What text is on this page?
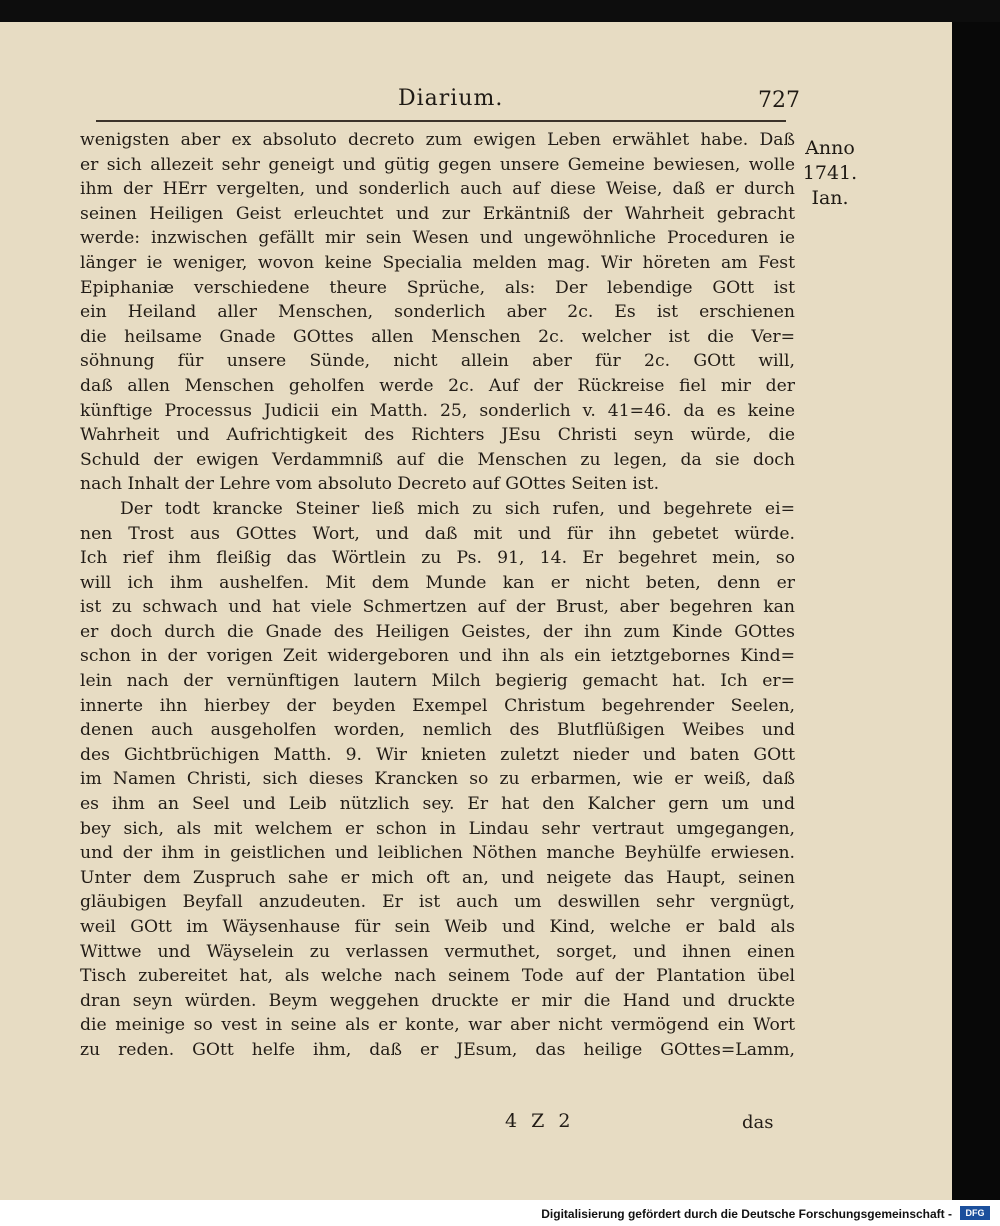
Diarium.	727
Anno
1741.
Ian.
wenigsten aber ex absoluto decreto zum ewigen Leben erwählet habe. Daß
er sich allezeit sehr geneigt und gütig gegen unsere Gemeine bewiesen, wolle
ihm der HErr vergelten, und sonderlich auch auf diese Weise, daß er durch
seinen Heiligen Geist erleuchtet und zur Erkäntniß der Wahrheit gebracht
werde: inzwischen gefällt mir sein Wesen und ungewöhnliche Proceduren ie
länger ie weniger, wovon keine Specialia melden mag. Wir höreten am Fest
Epiphaniæ verschiedene theure Sprüche, als: Der lebendige GOtt ist
ein Heiland aller Menschen, sonderlich aber 2c. Es ist erschienen
die heilsame Gnade GOttes allen Menschen 2c. welcher ist die Ver=
söhnung für unsere Sünde, nicht allein aber für 2c. GOtt will,
daß allen Menschen geholfen werde 2c. Auf der Rückreise fiel mir der
künftige Processus Judicii ein Matth. 25, sonderlich v. 41=46. da es keine
Wahrheit und Aufrichtigkeit des Richters JEsu Christi seyn würde, die
Schuld der ewigen Verdammniß auf die Menschen zu legen, da sie doch
nach Inhalt der Lehre vom absoluto Decreto auf GOttes Seiten ist.
Der todt krancke Steiner ließ mich zu sich rufen, und begehrete ei=
nen Trost aus GOttes Wort, und daß mit und für ihn gebetet würde.
Ich rief ihm fleißig das Wörtlein zu Ps. 91, 14. Er begehret mein, so
will ich ihm aushelfen. Mit dem Munde kan er nicht beten, denn er
ist zu schwach und hat viele Schmertzen auf der Brust, aber begehren kan
er doch durch die Gnade des Heiligen Geistes, der ihn zum Kinde GOttes
schon in der vorigen Zeit widergeboren und ihn als ein ietztgebornes Kind=
lein nach der vernünftigen lautern Milch begierig gemacht hat. Ich er=
innerte ihn hierbey der beyden Exempel Christum begehrender Seelen,
denen auch ausgeholfen worden, nemlich des Blutflüßigen Weibes und
des Gichtbrüchigen Matth. 9. Wir knieten zuletzt nieder und baten GOtt
im Namen Christi, sich dieses Krancken so zu erbarmen, wie er weiß, daß
es ihm an Seel und Leib nützlich sey. Er hat den Kalcher gern um und
bey sich, als mit welchem er schon in Lindau sehr vertraut umgegangen,
und der ihm in geistlichen und leiblichen Nöthen manche Beyhülfe erwiesen.
Unter dem Zuspruch sahe er mich oft an, und neigete das Haupt, seinen
gläubigen Beyfall anzudeuten. Er ist auch um deswillen sehr vergnügt,
weil GOtt im Wäysenhause für sein Weib und Kind, welche er bald als
Wittwe und Wäyselein zu verlassen vermuthet, sorget, und ihnen einen
Tisch zubereitet hat, als welche nach seinem Tode auf der Plantation übel
dran seyn würden. Beym weggehen druckte er mir die Hand und druckte
die meinige so vest in seine als er konte, war aber nicht vermögend ein Wort
zu reden. GOtt helfe ihm, daß er JEsum, das heilige GOttes=Lamm,
4 Z 2	das
Digitalisierung gefördert durch die Deutsche Forschungsgemeinschaft -	DFG
